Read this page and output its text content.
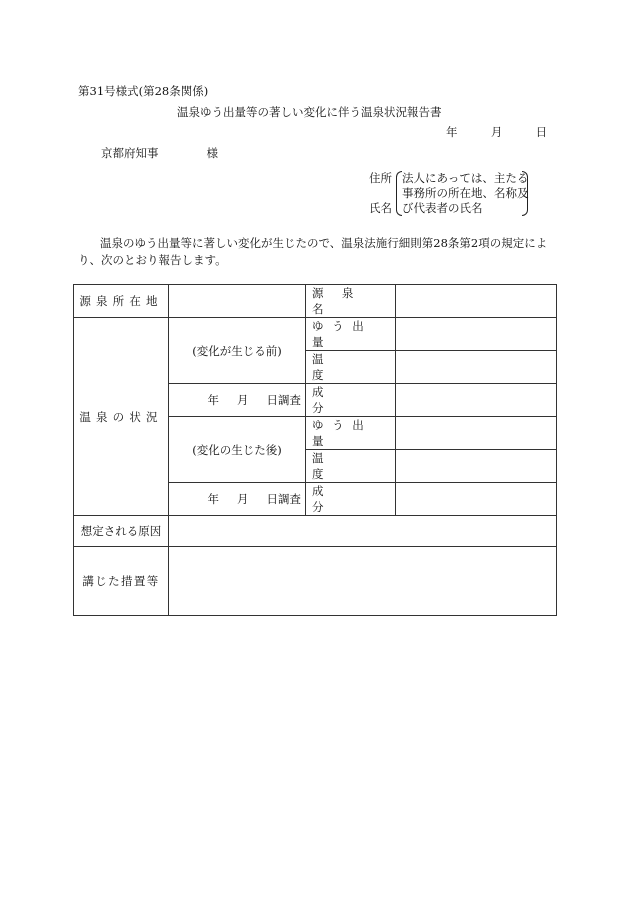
第31号様式(第28条関係)
温泉ゆう出量等の著しい変化に伴う温泉状況報告書
年	月	日
京都府知事	様
住所
氏名
法人にあっては、主たる
事務所の所在地、名称及
び代表者の氏名
温泉のゆう出量等に著しい変化が生じたので、温泉法施行細則第28条第2項の規定によ
り、次のとおり報告します。
源泉所在地		源泉名	

温泉の状況	(変化が生じる前)	ゆう出量	

		温度	

	年 月 日調査	成分	

	(変化の生じた後)	ゆう出量	

		温度	

	年 月 日調査	成分	

想定される原因			
講じた措置等			
